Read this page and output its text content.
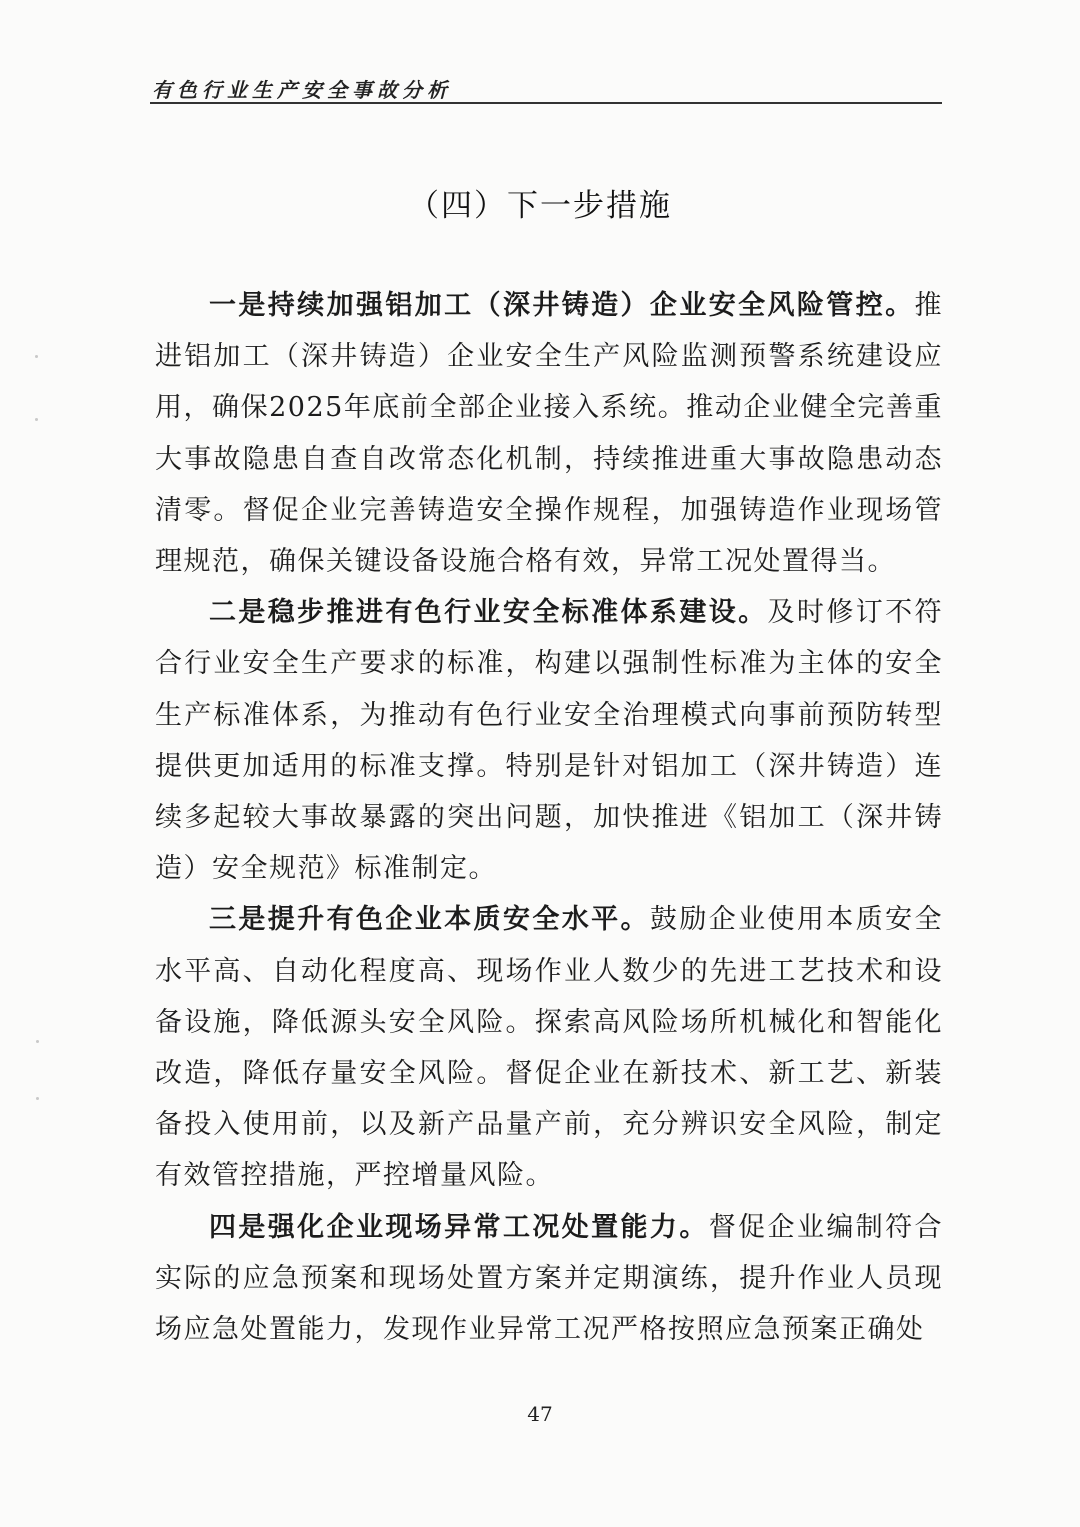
有色行业生产安全事故分析
（四）下一步措施

一是持续加强铝加工（深井铸造）企业安全风险管控。推进铝加工（深井铸造）企业安全生产风险监测预警系统建设应用，确保2025年底前全部企业接入系统。推动企业健全完善重大事故隐患自查自改常态化机制，持续推进重大事故隐患动态清零。督促企业完善铸造安全操作规程，加强铸造作业现场管理规范，确保关键设备设施合格有效，异常工况处置得当。

二是稳步推进有色行业安全标准体系建设。及时修订不符合行业安全生产要求的标准，构建以强制性标准为主体的安全生产标准体系，为推动有色行业安全治理模式向事前预防转型提供更加适用的标准支撑。特别是针对铝加工（深井铸造）连续多起较大事故暴露的突出问题，加快推进《铝加工（深井铸造）安全规范》标准制定。

三是提升有色企业本质安全水平。鼓励企业使用本质安全水平高、自动化程度高、现场作业人数少的先进工艺技术和设备设施，降低源头安全风险。探索高风险场所机械化和智能化改造，降低存量安全风险。督促企业在新技术、新工艺、新装备投入使用前，以及新产品量产前，充分辨识安全风险，制定有效管控措施，严控增量风险。

四是强化企业现场异常工况处置能力。督促企业编制符合实际的应急预案和现场处置方案并定期演练，提升作业人员现场应急处置能力，发现作业异常工况严格按照应急预案正确处

47
